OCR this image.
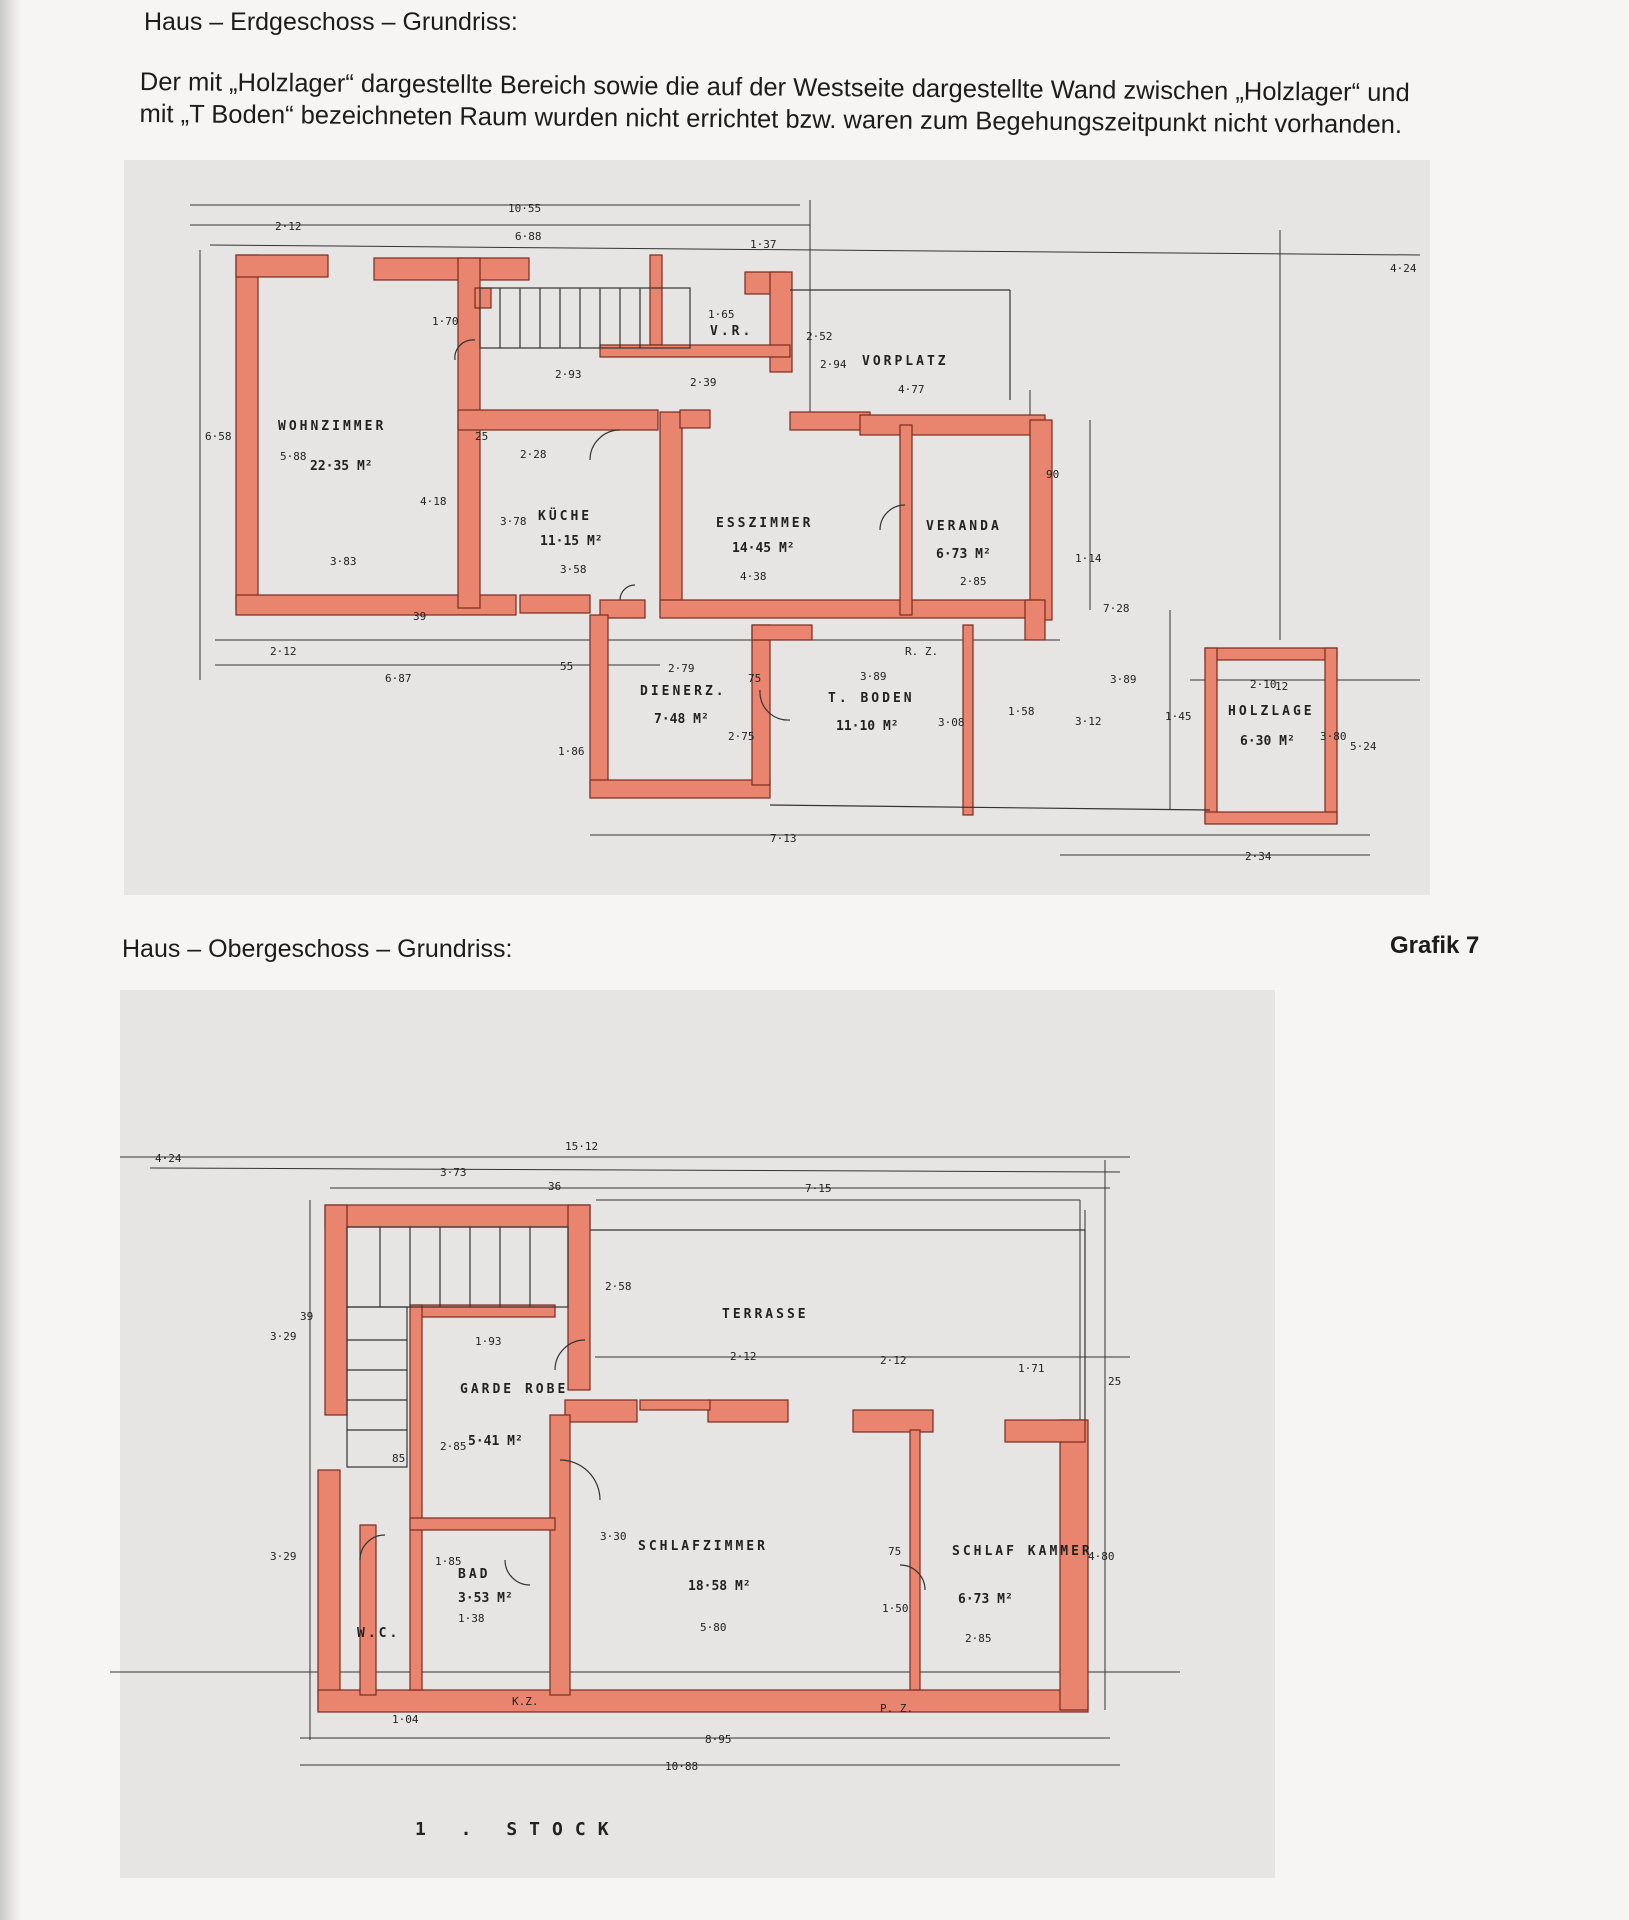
Haus – Erdgeschoss – Grundriss:
Der mit „Holzlager“ dargestellte Bereich sowie die auf der Westseite dargestellte Wand zwischen „Holzlager“ und
mit „T Boden“ bezeichneten Raum wurden nicht errichtet bzw. waren zum Begehungszeitpunkt nicht vorhanden.
WOHNZIMMER
22·35 M²
KÜCHE
11·15 M²
ESSZIMMER
14·45 M²
VERANDA
6·73 M²
VORPLATZ
V.R.
DIENERZ.
7·48 M²
T. BODEN
11·10 M²
HOLZLAGE
6·30 M²
R. Z.
10·55
2·12
6·88
1·37
4·24
1·65
2·93
2·39
4·77
2·94
2·28
3·83
3·58
4·38	2·85
6·58
5·88
4·18
3·78
2·79
3·89	3·89
3·80
2·10
5·24
7·13
2·34
1·70
6·87
2·12
7·28
1·14
3·12	1·45
1·58
1·86
2·75
3·08
2·52
39
12
25
90
55
75
Haus – Obergeschoss – Grundriss:	Grafik 7
TERRASSE
GARDE ROBE
5·41 M²
BAD
3·53 M²
W.C.
SCHLAFZIMMER
18·58 M²
SCHLAF KAMMER
6·73 M²
K.Z.
P. Z.
1 . STOCK
4·24
15·12
3·73
7·15
2·12	2·12
1·71
1·93
2·58
3·29
3·29
2·85
1·85
1·38
3·30
5·80
2·85
4·80
1·04
8·95
10·88
1·50
36
39
25
85
75
